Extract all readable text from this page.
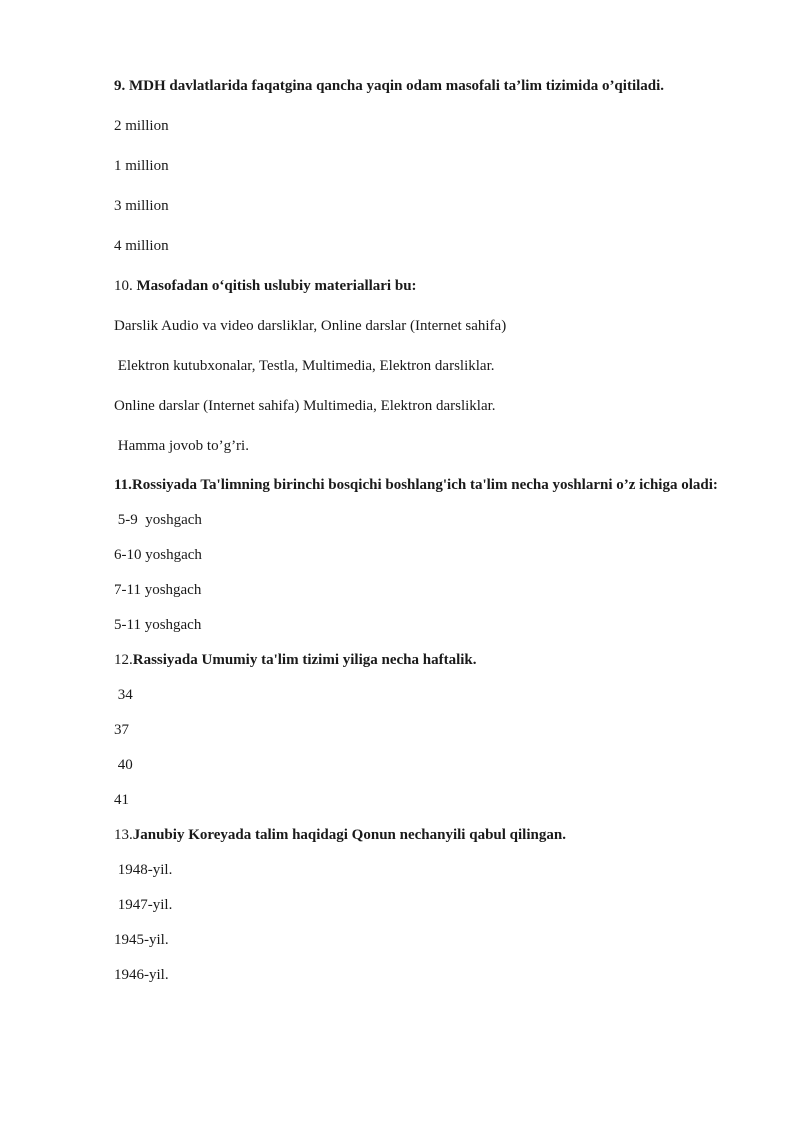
9. MDH davlatlarida faqatgina qancha yaqin odam masofali ta’lim tizimida o’qitiladi.

2 million

1 million

3 million

4 million

10. Masofadan o‘qitish uslubiy materiallari bu:

Darslik Audio va video darsliklar, Online darslar (Internet sahifa)

Elektron kutubxonalar, Testla, Multimedia, Elektron darsliklar.

Online darslar (Internet sahifa) Multimedia, Elektron darsliklar.

Hamma jovob to’g’ri.

11.Rossiyada Ta'limning birinchi bosqichi boshlang'ich ta'lim necha yoshlarni o’z ichiga oladi:

5-9  yoshgach

6-10 yoshgach

7-11 yoshgach

5-11 yoshgach

12.Rassiyada Umumiy ta'lim tizimi yiliga necha haftalik.

34

37

40

41

13.Janubiy Koreyada talim haqidagi Qonun nechanyili qabul qilingan.

1948-yil.

1947-yil.

1945-yil.

1946-yil.
